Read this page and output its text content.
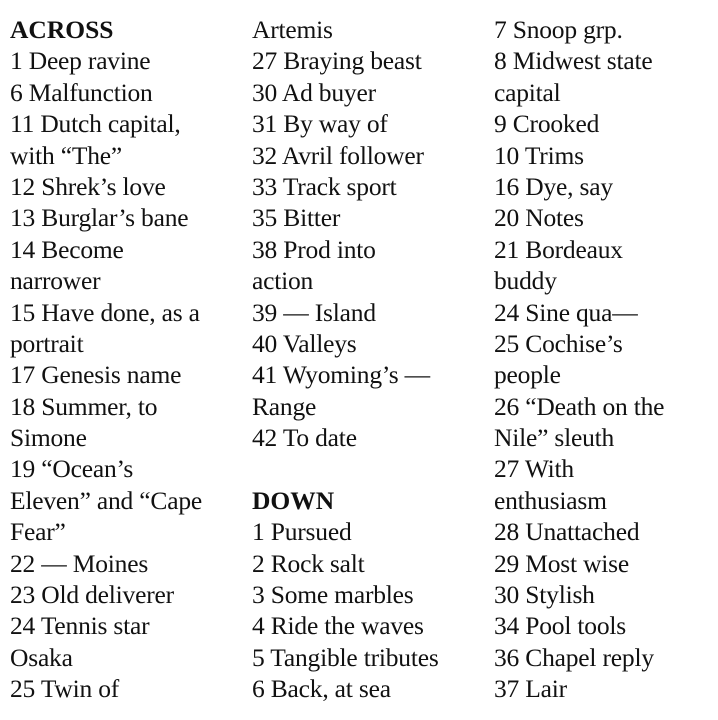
ACROSS
1 Deep ravine
6 Malfunction
11 Dutch capital,
with “The”
12 Shrek’s love
13 Burglar’s bane
14 Become
narrower
15 Have done, as a
portrait
17 Genesis name
18 Summer, to
Simone
19 “Ocean’s
Eleven” and “Cape
Fear”
22 — Moines
23 Old deliverer
24 Tennis star
Osaka
25 Twin of
Artemis
27 Braying beast
30 Ad buyer
31 By way of
32 Avril follower
33 Track sport
35 Bitter
38 Prod into
action
39 — Island
40 Valleys
41 Wyoming’s —
Range
42 To date
DOWN
1 Pursued
2 Rock salt
3 Some marbles
4 Ride the waves
5 Tangible tributes
6 Back, at sea
7 Snoop grp.
8 Midwest state
capital
9 Crooked
10 Trims
16 Dye, say
20 Notes
21 Bordeaux
buddy
24 Sine qua—
25 Cochise’s
people
26 “Death on the
Nile” sleuth
27 With
enthusiasm
28 Unattached
29 Most wise
30 Stylish
34 Pool tools
36 Chapel reply
37 Lair
